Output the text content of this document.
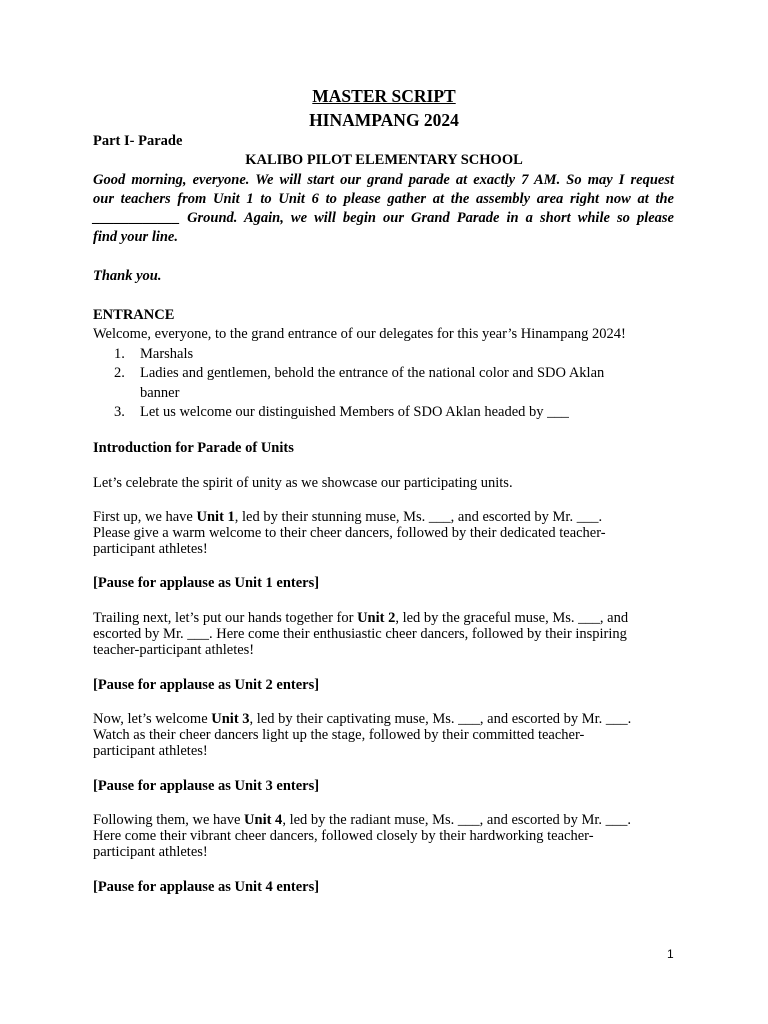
MASTER SCRIPT
HINAMPANG 2024
Part I- Parade
KALIBO PILOT ELEMENTARY SCHOOL
Good morning, everyone. We will start our grand parade at exactly 7 AM. So may I request
our teachers from Unit 1 to Unit 6 to please gather at the assembly area right now at the
____________ Ground. Again, we will begin our Grand Parade in a short while so please
find your line.
Thank you.
ENTRANCE
Welcome, everyone, to the grand entrance of our delegates for this year’s Hinampang 2024!
1. Marshals
2. Ladies and gentlemen, behold the entrance of the national color and SDO Aklan
banner
3. Let us welcome our distinguished Members of SDO Aklan headed by ___
Introduction for Parade of Units
Let’s celebrate the spirit of unity as we showcase our participating units.
First up, we have Unit 1, led by their stunning muse, Ms. ___, and escorted by Mr. ___.
Please give a warm welcome to their cheer dancers, followed by their dedicated teacher-
participant athletes!
[Pause for applause as Unit 1 enters]
Trailing next, let’s put our hands together for Unit 2, led by the graceful muse, Ms. ___, and
escorted by Mr. ___. Here come their enthusiastic cheer dancers, followed by their inspiring
teacher-participant athletes!
[Pause for applause as Unit 2 enters]
Now, let’s welcome Unit 3, led by their captivating muse, Ms. ___, and escorted by Mr. ___.
Watch as their cheer dancers light up the stage, followed by their committed teacher-
participant athletes!
[Pause for applause as Unit 3 enters]
Following them, we have Unit 4, led by the radiant muse, Ms. ___, and escorted by Mr. ___.
Here come their vibrant cheer dancers, followed closely by their hardworking teacher-
participant athletes!
[Pause for applause as Unit 4 enters]
1
